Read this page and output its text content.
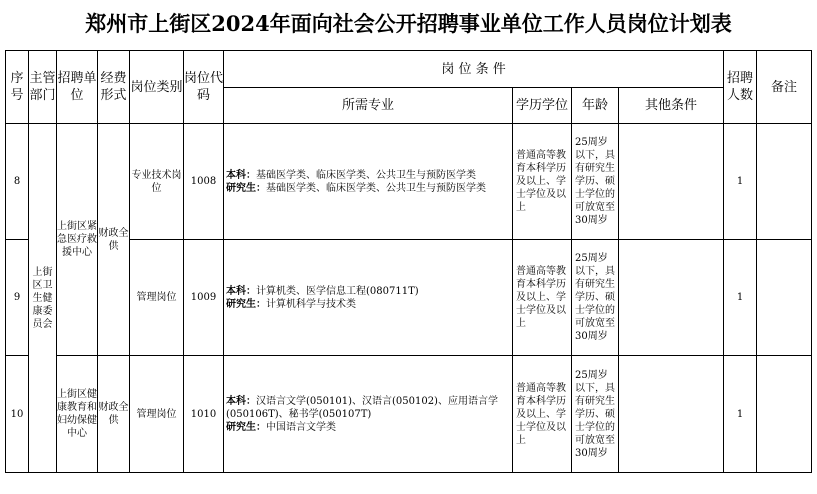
郑州市上街区2024年面向社会公开招聘事业单位工作人员岗位计划表
序号	主管部门	招聘单位	经费形式	岗位类别	岗位代码	岗 位 条 件				招聘人数	备注
						所需专业	学历学位	年龄	其他条件		
8	上街区卫生健康委员会	上街区紧急医疗救援中心	财政全供	专业技术岗位	1008	本科：基础医学类、临床医学类、公共卫生与预防医学类
研究生：基础医学类、临床医学类、公共卫生与预防医学类	普通高等教育本科学历及以上、学士学位及以上	25周岁以下，具有研究生学历、硕士学位的可放宽至30周岁		1	
9				管理岗位	1009	本科：计算机类、医学信息工程(080711T)
研究生：计算机科学与技术类	普通高等教育本科学历及以上、学士学位及以上	25周岁以下，具有研究生学历、硕士学位的可放宽至30周岁		1	
10		上街区健康教育和妇幼保健中心	财政全供	管理岗位	1010	本科：汉语言文学(050101)、汉语言(050102)、应用语言学(050106T)、秘书学(050107T)
研究生：中国语言文学类	普通高等教育本科学历及以上、学士学位及以上	25周岁以下，具有研究生学历、硕士学位的可放宽至30周岁		1	
